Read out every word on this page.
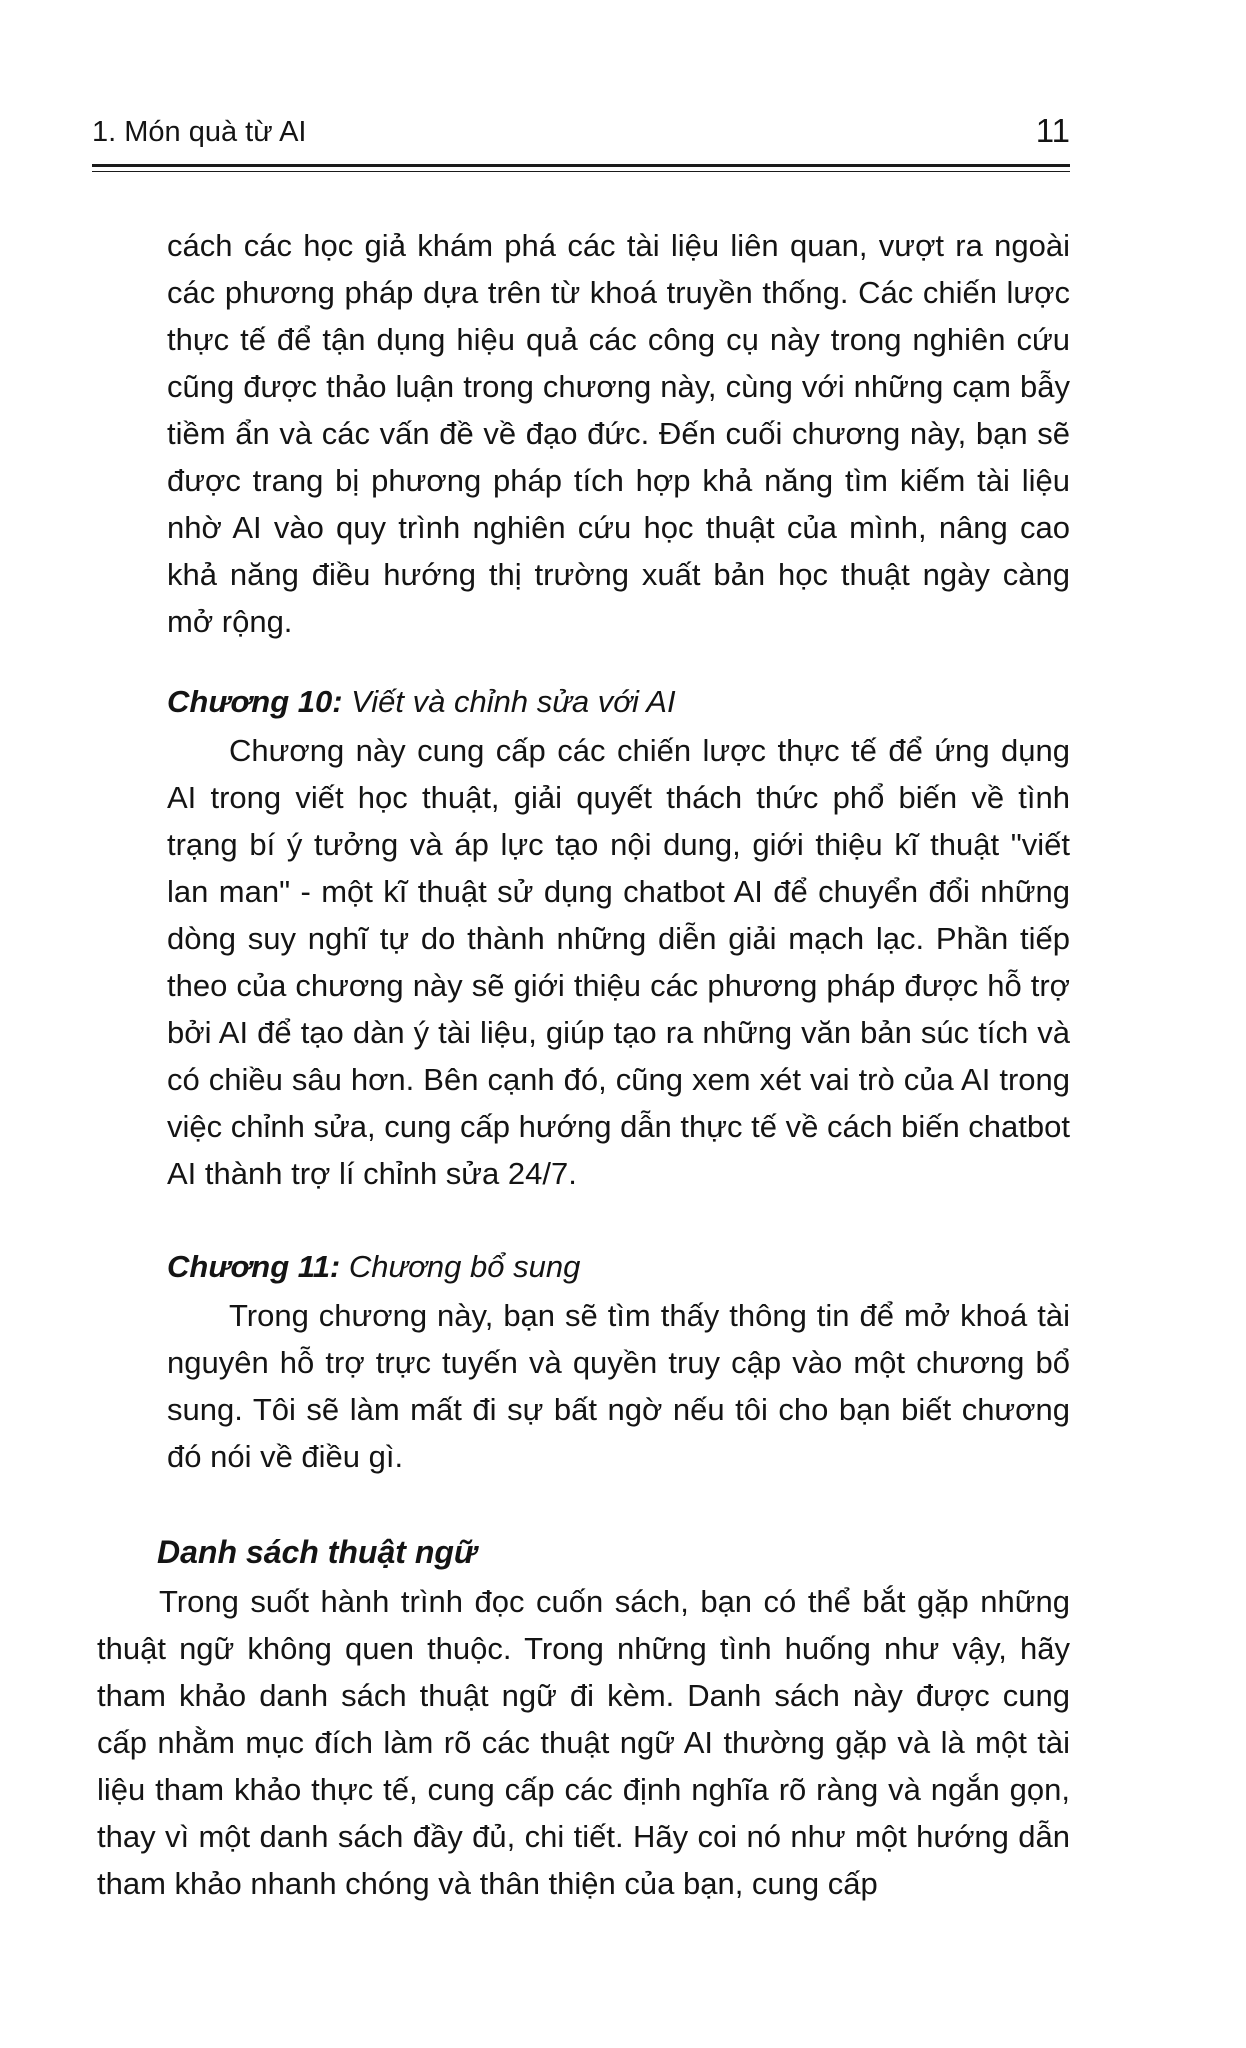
1. Món quà từ AI	11

cách các học giả khám phá các tài liệu liên quan, vượt ra ngoài các phương pháp dựa trên từ khoá truyền thống. Các chiến lược thực tế để tận dụng hiệu quả các công cụ này trong nghiên cứu cũng được thảo luận trong chương này, cùng với những cạm bẫy tiềm ẩn và các vấn đề về đạo đức. Đến cuối chương này, bạn sẽ được trang bị phương pháp tích hợp khả năng tìm kiếm tài liệu nhờ AI vào quy trình nghiên cứu học thuật của mình, nâng cao khả năng điều hướng thị trường xuất bản học thuật ngày càng mở rộng.

Chương 10: Viết và chỉnh sửa với AI

Chương này cung cấp các chiến lược thực tế để ứng dụng AI trong viết học thuật, giải quyết thách thức phổ biến về tình trạng bí ý tưởng và áp lực tạo nội dung, giới thiệu kĩ thuật "viết lan man" - một kĩ thuật sử dụng chatbot AI để chuyển đổi những dòng suy nghĩ tự do thành những diễn giải mạch lạc. Phần tiếp theo của chương này sẽ giới thiệu các phương pháp được hỗ trợ bởi AI để tạo dàn ý tài liệu, giúp tạo ra những văn bản súc tích và có chiều sâu hơn. Bên cạnh đó, cũng xem xét vai trò của AI trong việc chỉnh sửa, cung cấp hướng dẫn thực tế về cách biến chatbot AI thành trợ lí chỉnh sửa 24/7.

Chương 11: Chương bổ sung

Trong chương này, bạn sẽ tìm thấy thông tin để mở khoá tài nguyên hỗ trợ trực tuyến và quyền truy cập vào một chương bổ sung. Tôi sẽ làm mất đi sự bất ngờ nếu tôi cho bạn biết chương đó nói về điều gì.

Danh sách thuật ngữ

Trong suốt hành trình đọc cuốn sách, bạn có thể bắt gặp những thuật ngữ không quen thuộc. Trong những tình huống như vậy, hãy tham khảo danh sách thuật ngữ đi kèm. Danh sách này được cung cấp nhằm mục đích làm rõ các thuật ngữ AI thường gặp và là một tài liệu tham khảo thực tế, cung cấp các định nghĩa rõ ràng và ngắn gọn, thay vì một danh sách đầy đủ, chi tiết. Hãy coi nó như một hướng dẫn tham khảo nhanh chóng và thân thiện của bạn, cung cấp
